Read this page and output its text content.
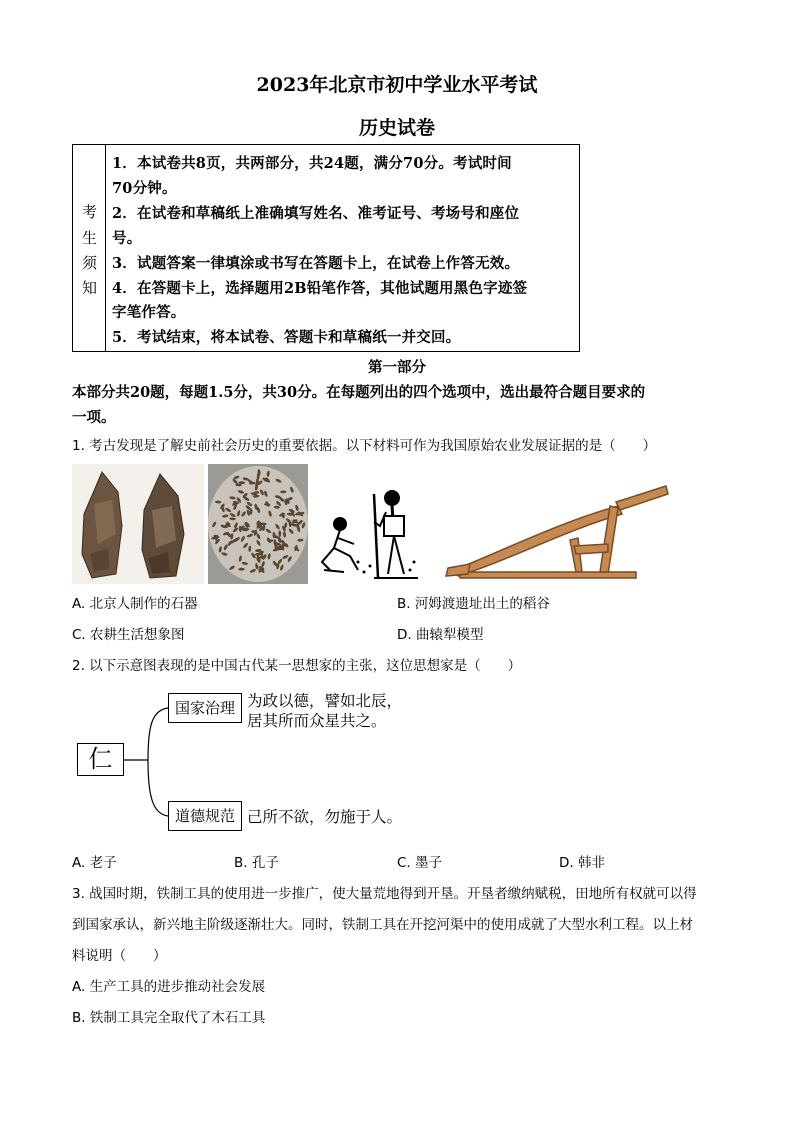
2023年北京市初中学业水平考试
历史试卷
考
生
须
知
1．本试卷共8页，共两部分，共24题，满分70分。考试时间
70分钟。
2．在试卷和草稿纸上准确填写姓名、准考证号、考场号和座位
号。
3．试题答案一律填涂或书写在答题卡上，在试卷上作答无效。
4．在答题卡上，选择题用2B铅笔作答，其他试题用黑色字迹签
字笔作答。
5．考试结束，将本试卷、答题卡和草稿纸一并交回。
第一部分
本部分共20题，每题1.5分，共30分。在每题列出的四个选项中，选出最符合题目要求的
一项。
1. 考古发现是了解史前社会历史的重要依据。以下材料可作为我国原始农业发展证据的是（　　）
A. 北京人制作的石器	B. 河姆渡遗址出土的稻谷
C. 农耕生活想象图	D. 曲辕犁模型
2. 以下示意图表现的是中国古代某一思想家的主张，这位思想家是（　　）
仁
国家治理
道德规范
为政以德，譬如北辰，
居其所而众星共之。
己所不欲，勿施于人。
A. 老子	B. 孔子	C. 墨子	D. 韩非
3. 战国时期，铁制工具的使用进一步推广，使大量荒地得到开垦。开垦者缴纳赋税，田地所有权就可以得
到国家承认，新兴地主阶级逐渐壮大。同时，铁制工具在开挖河渠中的使用成就了大型水利工程。以上材
料说明（　　）
A. 生产工具的进步推动社会发展
B. 铁制工具完全取代了木石工具
